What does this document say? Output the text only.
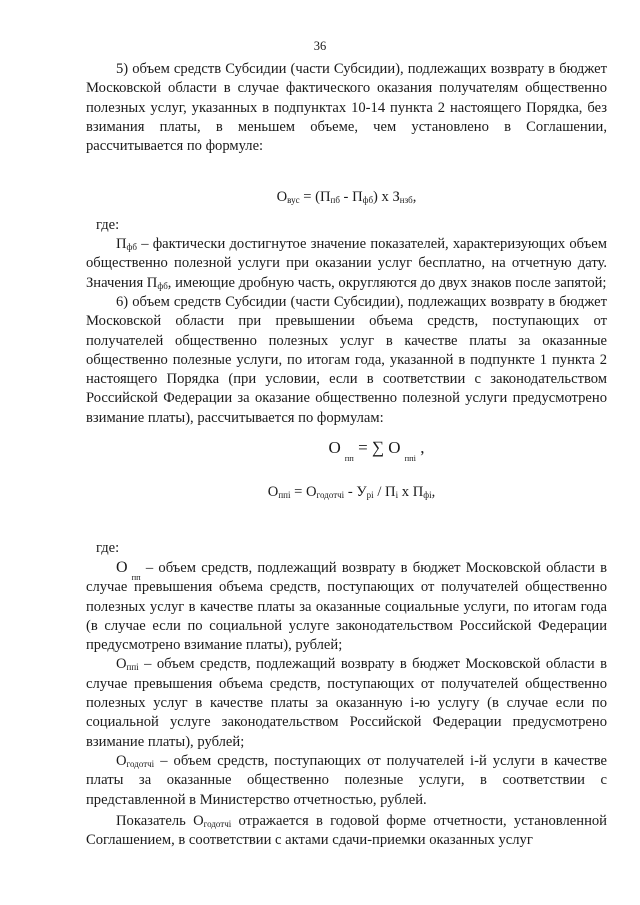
36

5) объем средств Субсидии (части Субсидии), подлежащих возврату в бюджет Московской области в случае фактического оказания получателям общественно полезных услуг, указанных в подпунктах 10-14 пункта 2 настоящего Порядка, без взимания платы, в меньшем объеме, чем установлено в Соглашении, рассчитывается по формуле:

$О_{вус} = (П_{пб} - П_{фб})$ x $З_{нзб}$,

где:

$П_{фб}$ – фактически достигнутое значение показателей, характеризующих объем общественно полезной услуги при оказании услуг бесплатно, на отчетную дату. Значения $П_{фб}$, имеющие дробную часть, округляются до двух знаков после запятой;

6) объем средств Субсидии (части Субсидии), подлежащих возврату в бюджет Московской области при превышении объема средств, поступающих от получателей общественно полезных услуг в качестве платы за оказанные общественно полезные услуги, по итогам года, указанной в подпункте 1 пункта 2 настоящего Порядка (при условии, если в соответствии с законодательством Российской Федерации за оказание общественно полезной услуги предусмотрено взимание платы), рассчитывается по формулам:

$О_{пп}$ = ∑ $О_{ппі}$ ,

$О_{ппі} = О_{годотчі} - У_{рі} / П_і$ х $П_{фі}$,

где:

$О_{пп}$ – объем средств, подлежащий возврату в бюджет Московской области в случае превышения объема средств, поступающих от получателей общественно полезных услуг в качестве платы за оказанные социальные услуги, по итогам года (в случае если по социальной услуге законодательством Российской Федерации предусмотрено взимание платы), рублей;

$О_{ппі}$ – объем средств, подлежащий возврату в бюджет Московской области в случае превышения объема средств, поступающих от получателей общественно полезных услуг в качестве платы за оказанную і-ю услугу (в случае если по социальной услуге законодательством Российской Федерации предусмотрено взимание платы), рублей;

$О_{годотчі}$ – объем средств, поступающих от получателей і-й услуги в качестве платы за оказанные общественно полезные услуги, в соответствии с представленной в Министерство отчетностью, рублей.

Показатель $О_{годотчі}$ отражается в годовой форме отчетности, установленной Соглашением, в соответствии с актами сдачи-приемки оказанных услуг
